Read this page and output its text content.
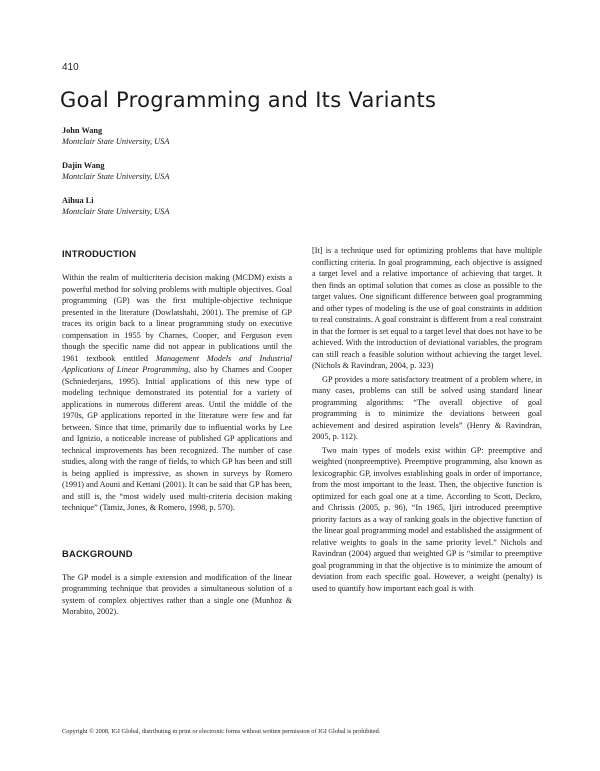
410
Goal Programming and Its Variants
John Wang
Montclair State University, USA
Dajin Wang
Montclair State University, USA
Aihua Li
Montclair State University, USA
INTRODUCTION

Within the realm of multicriteria decision making (MCDM) exists a powerful method for solving problems with multiple objectives. Goal programming (GP) was the first multiple-objective technique presented in the literature (Dowlatshahi, 2001). The premise of GP traces its origin back to a linear programming study on executive compensation in 1955 by Charnes, Cooper, and Ferguson even though the specific name did not appear in publications until the 1961 textbook entitled Management Models and Industrial Applications of Linear Programming, also by Charnes and Cooper (Schniederjans, 1995). Initial applications of this new type of modeling technique demonstrated its potential for a variety of applications in numerous different areas. Until the middle of the 1970s, GP applications reported in the literature were few and far between. Since that time, primarily due to influential works by Lee and Ignizio, a noticeable increase of published GP applications and technical improvements has been recognized. The number of case studies, along with the range of fields, to which GP has been and still is being applied is impressive, as shown in surveys by Romero (1991) and Aouni and Kettani (2001). It can be said that GP has been, and still is, the “most widely used multi-criteria decision making technique” (Tamiz, Jones, & Romero, 1998, p. 570).

BACKGROUND

The GP model is a simple extension and modification of the linear programming technique that provides a simultaneous solution of a system of complex objectives rather than a single one (Munhoz & Morabito, 2002).

[It] is a technique used for optimizing problems that have multiple conflicting criteria. In goal programming, each objective is assigned a target level and a relative importance of achieving that target. It then finds an optimal solution that comes as close as possible to the target values. One significant difference between goal programming and other types of modeling is the use of goal constraints in addition to real constraints. A goal constraint is different from a real constraint in that the former is set equal to a target level that does not have to be achieved. With the introduction of deviational variables, the program can still reach a feasible solution without achieving the target level. (Nichols & Ravindran, 2004, p. 323)

GP provides a more satisfactory treatment of a problem where, in many cases, problems can still be solved using standard linear programming algorithms: “The overall objective of goal programming is to minimize the deviations between goal achievement and desired aspiration levels” (Henry & Ravindran, 2005, p. 112).

Two main types of models exist within GP: preemptive and weighted (nonpreemptive). Preemptive programming, also known as lexicographic GP, involves establishing goals in order of importance, from the most important to the least. Then, the objective function is optimized for each goal one at a time. According to Scott, Deckro, and Chrissis (2005, p. 96), “In 1965, Ijiri introduced preemptive priority factors as a way of ranking goals in the objective function of the linear goal programming model and established the assignment of relative weights to goals in the same priority level.” Nichols and Ravindran (2004) argued that weighted GP is “similar to preemptive goal programming in that the objective is to minimize the amount of deviation from each specific goal. However, a weight (penalty) is used to quantify how important each goal is with

Copyright © 2008, IGI Global, distributing in print or electronic forms without written permission of IGI Global is prohibited.
